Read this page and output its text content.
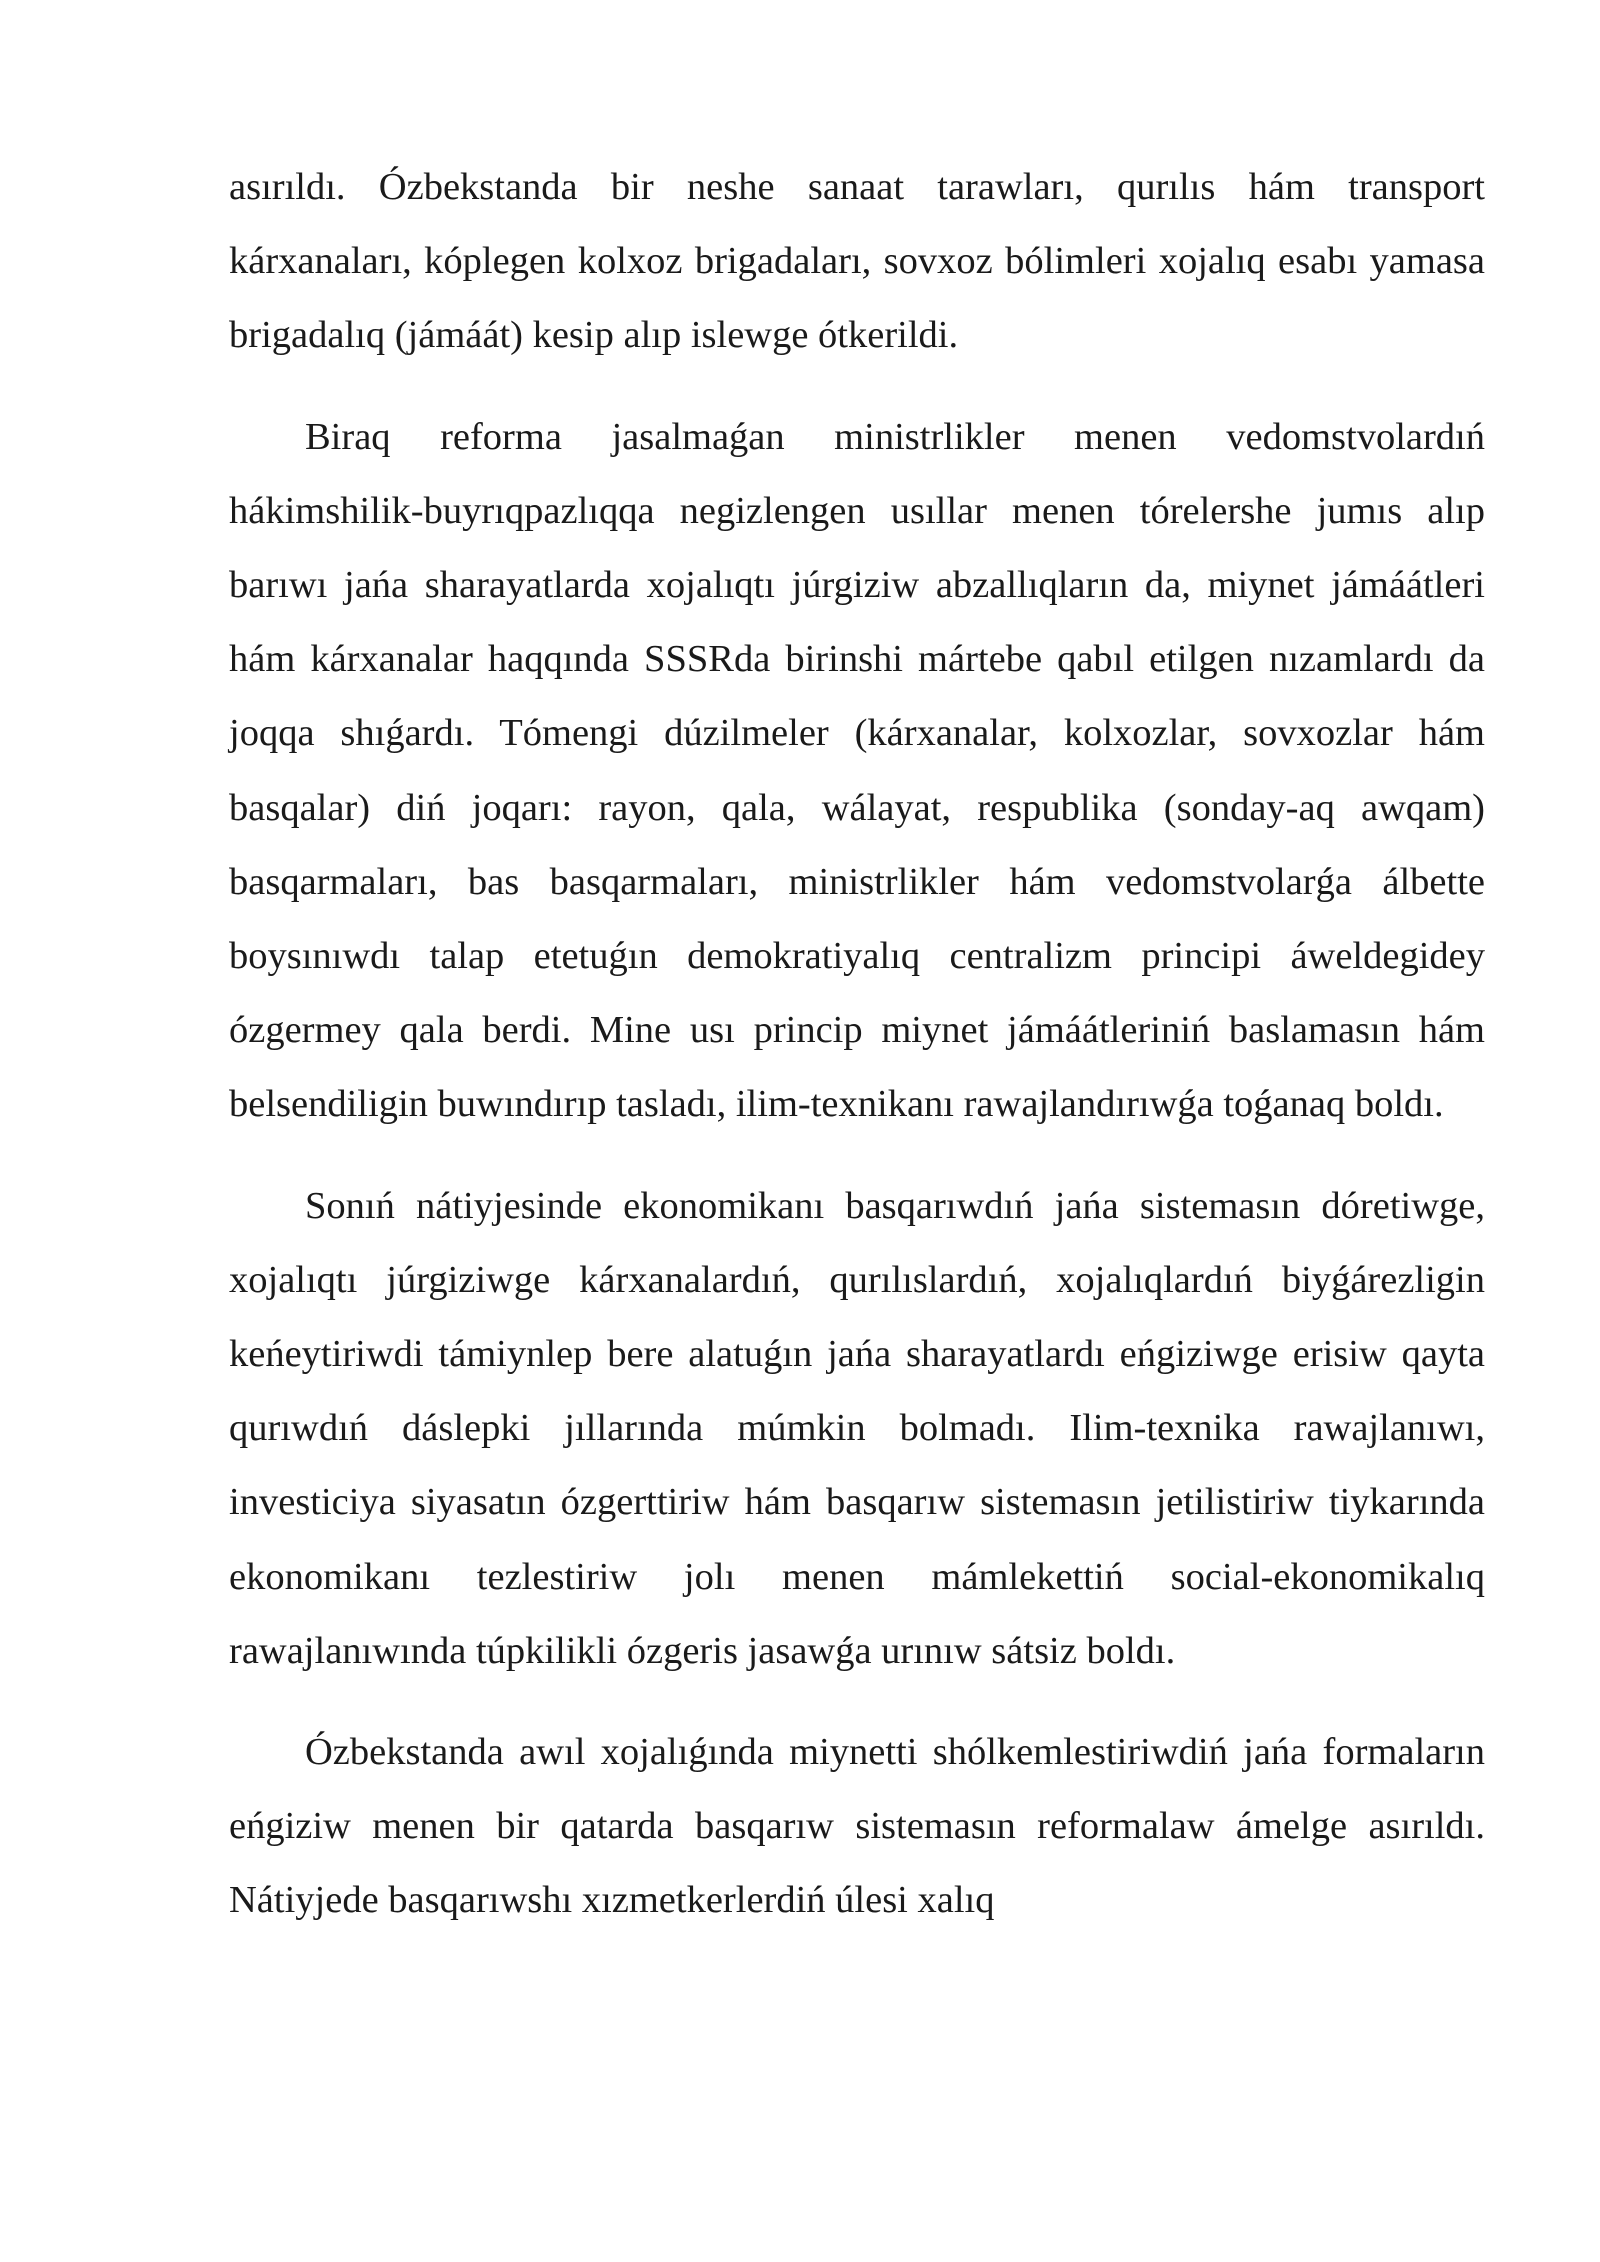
asırıldı. Ózbekstanda bir neshe sanaat tarawları, qurılıs hám transport kárxanaları, kóplegen kolxoz brigadaları, sovxoz bólimleri xojalıq esabı yamasa brigadalıq (jámáát) kesip alıp islewge ótkerildi.

Biraq reforma jasalmaǵan ministrlikler menen vedomstvolardıń hákimshilik-buyrıqpazlıqqa negizlengen usıllar menen tórelershe jumıs alıp barıwı jańa sharayatlarda xojalıqtı júrgiziw abzallıqların da, miynet jámáátleri hám kárxanalar haqqında SSSRda birinshi mártebe qabıl etilgen nızamlardı da joqqa shıǵardı. Tómengi dúzilmeler (kárxanalar, kolxozlar, sovxozlar hám basqalar) diń joqarı: rayon, qala, wálayat, respublika (sonday-aq awqam) basqarmaları, bas basqarmaları, ministrlikler hám vedomstvolarǵa álbette boysınıwdı talap etetuǵın demokratiyalıq centralizm principi áweldegidey ózgermey qala berdi. Mine usı princip miynet jámáátleriniń baslamasın hám belsendiligin buwındırıp tasladı, ilim-texnikanı rawajlandırıwǵa toǵanaq boldı.

Sonıń nátiyjesinde ekonomikanı basqarıwdıń jańa sistemasın dóretiwge, xojalıqtı júrgiziwge kárxanalardıń, qurılıslardıń, xojalıqlardıń biyǵárezligin keńeytiriwdi támiynlep bere alatuǵın jańa sharayatlardı eńgiziwge erisiw qayta qurıwdıń dáslepki jıllarında múmkin bolmadı. Ilim-texnika rawajlanıwı, investiciya siyasatın ózgerttiriw hám basqarıw sistemasın jetilistiriw tiykarında ekonomikanı tezlestiriw jolı menen mámlekettiń social-ekonomikalıq rawajlanıwında túpkilikli ózgeris jasawǵa urınıw sátsiz boldı.

Ózbekstanda awıl xojalıǵında miynetti shólkemlestiriwdiń jańa formaların eńgiziw menen bir qatarda basqarıw sistemasın reformalaw ámelge asırıldı. Nátiyjede basqarıwshı xızmetkerlerdiń úlesi xalıq
